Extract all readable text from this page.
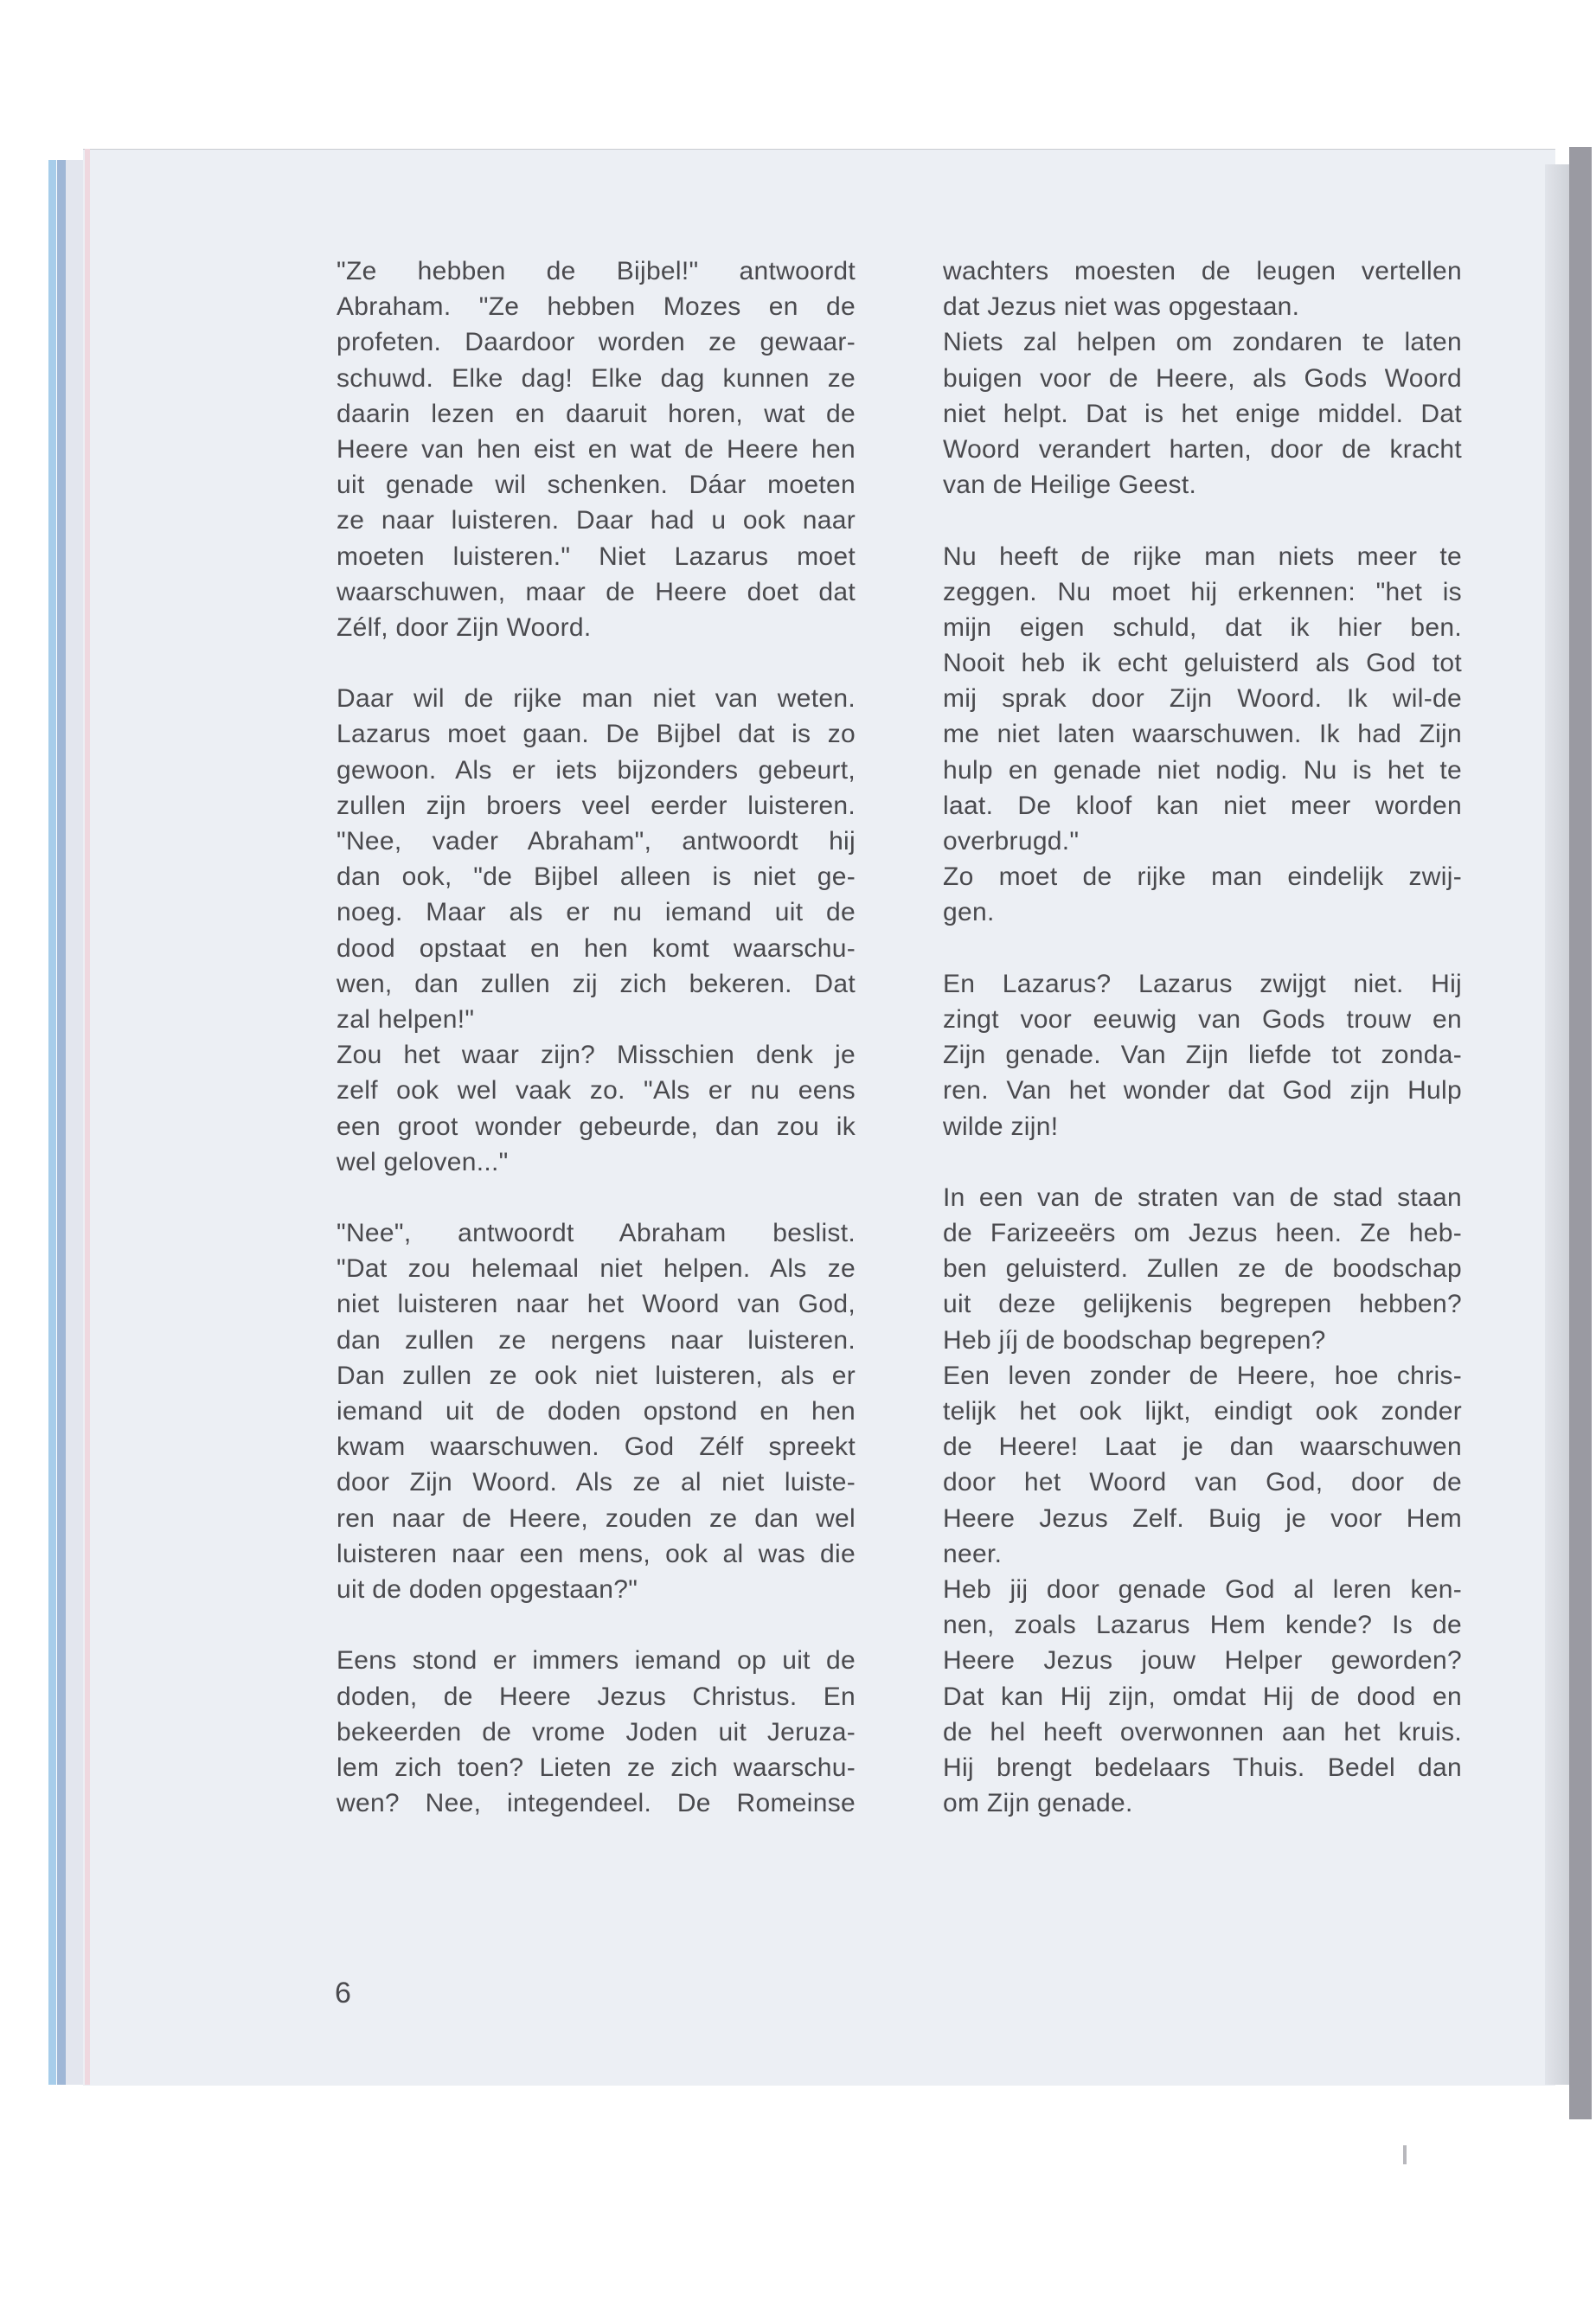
"Ze hebben de Bijbel!" antwoordt
Abraham. "Ze hebben Mozes en de
profeten. Daardoor worden ze gewaar-
schuwd. Elke dag! Elke dag kunnen ze
daarin lezen en daaruit horen, wat de
Heere van hen eist en wat de Heere hen
uit genade wil schenken. Dáar moeten
ze naar luisteren. Daar had u ook naar
moeten luisteren." Niet Lazarus moet
waarschuwen, maar de Heere doet dat
Zélf, door Zijn Woord.
Daar wil de rijke man niet van weten.
Lazarus moet gaan. De Bijbel dat is zo
gewoon. Als er iets bijzonders gebeurt,
zullen zijn broers veel eerder luisteren.
"Nee, vader Abraham", antwoordt hij
dan ook, "de Bijbel alleen is niet ge-
noeg. Maar als er nu iemand uit de
dood opstaat en hen komt waarschu-
wen, dan zullen zij zich bekeren. Dat
zal helpen!"
Zou het waar zijn? Misschien denk je
zelf ook wel vaak zo. "Als er nu eens
een groot wonder gebeurde, dan zou ik
wel geloven..."
"Nee", antwoordt Abraham beslist.
"Dat zou helemaal niet helpen. Als ze
niet luisteren naar het Woord van God,
dan zullen ze nergens naar luisteren.
Dan zullen ze ook niet luisteren, als er
iemand uit de doden opstond en hen
kwam waarschuwen. God Zélf spreekt
door Zijn Woord. Als ze al niet luiste-
ren naar de Heere, zouden ze dan wel
luisteren naar een mens, ook al was die
uit de doden opgestaan?"
Eens stond er immers iemand op uit de
doden, de Heere Jezus Christus. En
bekeerden de vrome Joden uit Jeruza-
lem zich toen? Lieten ze zich waarschu-
wen? Nee, integendeel. De Romeinse
wachters moesten de leugen vertellen
dat Jezus niet was opgestaan.
Niets zal helpen om zondaren te laten
buigen voor de Heere, als Gods Woord
niet helpt. Dat is het enige middel. Dat
Woord verandert harten, door de kracht
van de Heilige Geest.
Nu heeft de rijke man niets meer te
zeggen. Nu moet hij erkennen: "het is
mijn eigen schuld, dat ik hier ben.
Nooit heb ik echt geluisterd als God tot
mij sprak door Zijn Woord. Ik wil-de
me niet laten waarschuwen. Ik had Zijn
hulp en genade niet nodig. Nu is het te
laat. De kloof kan niet meer worden
overbrugd."
Zo moet de rijke man eindelijk zwij-
gen.
En Lazarus? Lazarus zwijgt niet. Hij
zingt voor eeuwig van Gods trouw en
Zijn genade. Van Zijn liefde tot zonda-
ren. Van het wonder dat God zijn Hulp
wilde zijn!
In een van de straten van de stad staan
de Farizeeërs om Jezus heen. Ze heb-
ben geluisterd. Zullen ze de boodschap
uit deze gelijkenis begrepen hebben?
Heb jíj de boodschap begrepen?
Een leven zonder de Heere, hoe chris-
telijk het ook lijkt, eindigt ook zonder
de Heere! Laat je dan waarschuwen
door het Woord van God, door de
Heere Jezus Zelf. Buig je voor Hem
neer.
Heb jij door genade God al leren ken-
nen, zoals Lazarus Hem kende? Is de
Heere Jezus jouw Helper geworden?
Dat kan Hij zijn, omdat Hij de dood en
de hel heeft overwonnen aan het kruis.
Hij brengt bedelaars Thuis. Bedel dan
om Zijn genade.
6
